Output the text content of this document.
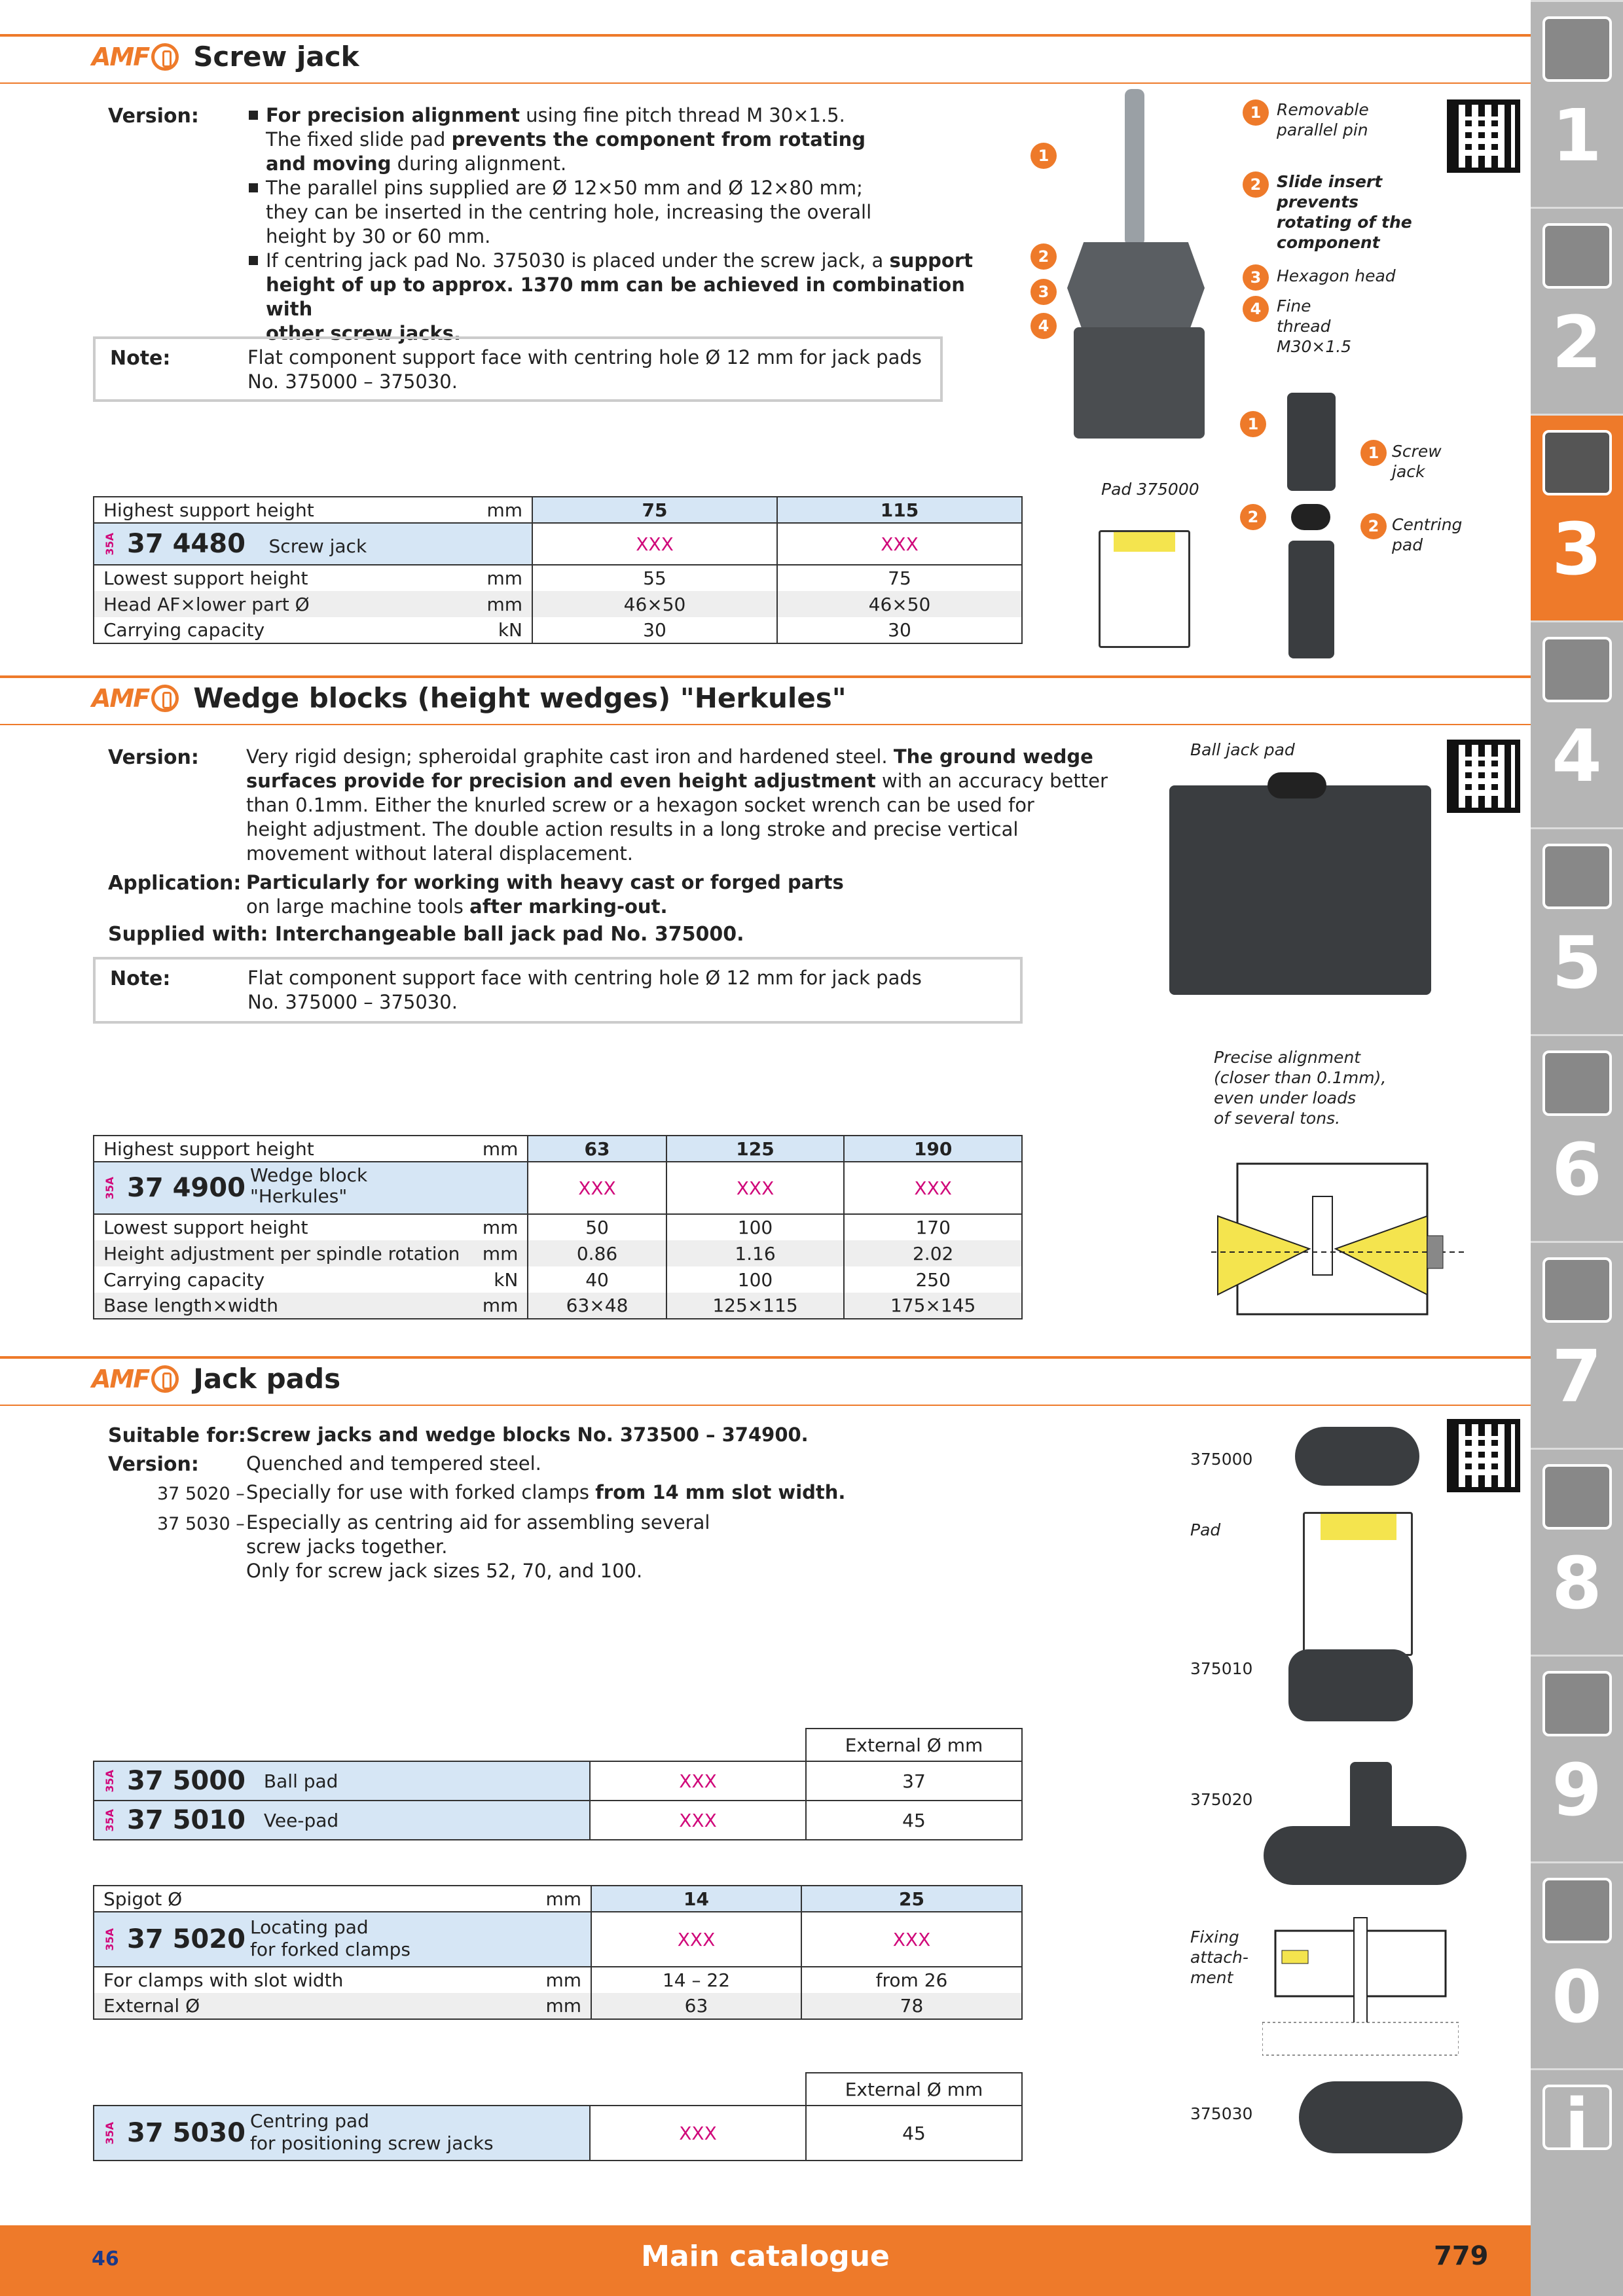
1
2
3
4
5
6
7
8
9
0
i
AMF Screw jack
Version:	For precision alignment using fine pitch thread M 30×1.5.
The fixed slide pad prevents the component from rotating
and moving during alignment.
The parallel pins supplied are Ø 12×50 mm and Ø 12×80 mm;
they can be inserted in the centring hole, increasing the overall
height by 30 or 60 mm.
If centring jack pad No. 375030 is placed under the screw jack, a support
height of up to approx. 1370 mm can be achieved in combination with
other screw jacks.
Note:	Flat component support face with centring hole Ø 12 mm for jack pads
No. 375000 – 375030.
1
2
3
4
1 Removable parallel pin
2 Slide insert prevents rotating of the component
3 Hexagon head
4 Fine thread M30×1.5
Pad 375000
1
2
1 Screw jack
2 Centring pad
Highest support height	mm	75	115
35A 37 4480 Screw jack		XXX	XXX
Lowest support height	mm	55	75
Head AF×lower part Ø	mm	46×50	46×50
Carrying capacity	kN	30	30
AMF Wedge blocks (height wedges) "Herkules"
Version: Very rigid design; spheroidal graphite cast iron and hardened steel. The ground wedge
surfaces provide for precision and even height adjustment with an accuracy better
than 0.1mm. Either the knurled screw or a hexagon socket wrench can be used for
height adjustment. The double action results in a long stroke and precise vertical
movement without lateral displacement.
Application: Particularly for working with heavy cast or forged parts
on large machine tools after marking-out.
Supplied with: Interchangeable ball jack pad No. 375000.
Note:	Flat component support face with centring hole Ø 12 mm for jack pads
No. 375000 – 375030.
Ball jack pad
Precise alignment
(closer than 0.1mm),
even under loads
of several tons.
Highest support height	mm	63	125	190
35A 37 4900 Wedge block
"Herkules"		XXX	XXX	XXX
Lowest support height	mm	50	100	170
Height adjustment per spindle rotation	mm	0.86	1.16	2.02
Carrying capacity	kN	40	100	250
Base length×width	mm	63×48	125×115	175×145
AMF Jack pads
Suitable for: Screw jacks and wedge blocks No. 373500 – 374900.
Version: Quenched and tempered steel.
37 5020 – Specially for use with forked clamps from 14 mm slot width.
37 5030 – Especially as centring aid for assembling several
screw jacks together.
Only for screw jack sizes 52, 70, and 100.
375000
Pad
375010
375020
Fixing attach-ment
375030
			External Ø mm
35A 37 5000	Ball pad	XXX	37
35A 37 5010	Vee-pad	XXX	45
Spigot Ø	mm	14	25
35A 37 5020 Locating pad
for forked clamps		XXX	XXX
For clamps with slot width	mm	14 – 22	from 26
External Ø	mm	63	78
		External Ø mm
35A 37 5030 Centring pad
for positioning screw jacks	XXX	45
46	Main catalogue	779
